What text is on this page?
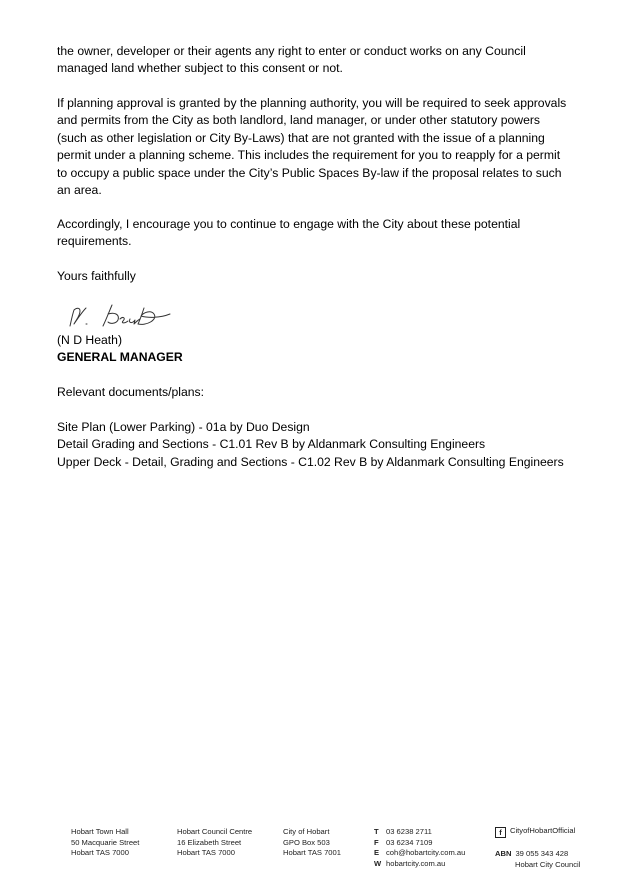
the owner, developer or their agents any right to enter or conduct works on any Council
managed land whether subject to this consent or not.
If planning approval is granted by the planning authority, you will be required to seek approvals
and permits from the City as both landlord, land manager, or under other statutory powers
(such as other legislation or City By-Laws) that are not granted with the issue of a planning
permit under a planning scheme. This includes the requirement for you to reapply for a permit
to occupy a public space under the City’s Public Spaces By-law if the proposal relates to such
an area.
Accordingly, I encourage you to continue to engage with the City about these potential
requirements.
Yours faithfully
(N D Heath)
GENERAL MANAGER
Relevant documents/plans:
Site Plan (Lower Parking) - 01a by Duo Design
Detail Grading and Sections - C1.01 Rev B by Aldanmark Consulting Engineers
Upper Deck - Detail, Grading and Sections - C1.02 Rev B by Aldanmark Consulting Engineers
Hobart Town Hall
50 Macquarie Street
Hobart TAS 7000
Hobart Council Centre
16 Elizabeth Street
Hobart TAS 7000
City of Hobart
GPO Box 503
Hobart TAS 7001
T 03 6238 2711
F 03 6234 7109
E coh@hobartcity.com.au
W hobartcity.com.au
f CityofHobartOfficial
ABN 39 055 343 428
Hobart City Council
